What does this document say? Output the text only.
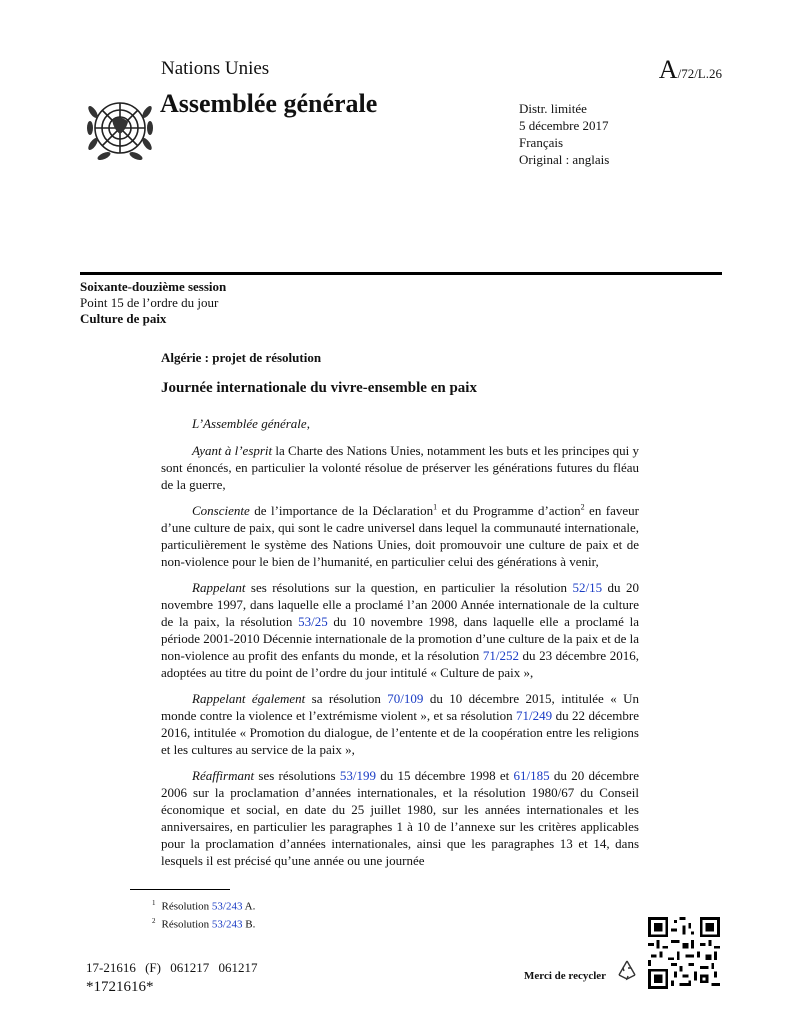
Nations Unies	A/72/L.26
Assemblée générale	Distr. limitée
5 décembre 2017
Français
Original : anglais
Soixante-douzième session
Point 15 de l’ordre du jour
Culture de paix
Algérie : projet de résolution
Journée internationale du vivre-ensemble en paix

L’Assemblée générale,

Ayant à l’esprit la Charte des Nations Unies, notamment les buts et les principes qui y sont énoncés, en particulier la volonté résolue de préserver les générations futures du fléau de la guerre,

Consciente de l’importance de la Déclaration$^1$ et du Programme d’action$^2$ en faveur d’une culture de paix, qui sont le cadre universel dans lequel la communauté internationale, particulièrement le système des Nations Unies, doit promouvoir une culture de paix et de non-violence pour le bien de l’humanité, en particulier celui des générations à venir,

Rappelant ses résolutions sur la question, en particulier la résolution 52/15 du 20 novembre 1997, dans laquelle elle a proclamé l’an 2000 Année internationale de la culture de la paix, la résolution 53/25 du 10 novembre 1998, dans laquelle elle a proclamé la période 2001-2010 Décennie internationale de la promotion d’une culture de la paix et de la non-violence au profit des enfants du monde, et la résolution 71/252 du 23 décembre 2016, adoptées au titre du point de l’ordre du jour intitulé « Culture de paix »,

Rappelant également sa résolution 70/109 du 10 décembre 2015, intitulée « Un monde contre la violence et l’extrémisme violent », et sa résolution 71/249 du 22 décembre 2016, intitulée « Promotion du dialogue, de l’entente et de la coopération entre les religions et les cultures au service de la paix »,

Réaffirmant ses résolutions 53/199 du 15 décembre 1998 et 61/185 du 20 décembre 2006 sur la proclamation d’années internationales, et la résolution 1980/67 du Conseil économique et social, en date du 25 juillet 1980, sur les années internationales et les anniversaires, en particulier les paragraphes 1 à 10 de l’annexe sur les critères applicables pour la proclamation d’années internationales, ainsi que les paragraphes 13 et 14, dans lesquels il est précisé qu’une année ou une journée

$^1$ Résolution 53/243 A.
$^2$ Résolution 53/243 B.
17-21616 (F) 061217 061217
*1721616*
Merci de recycler
